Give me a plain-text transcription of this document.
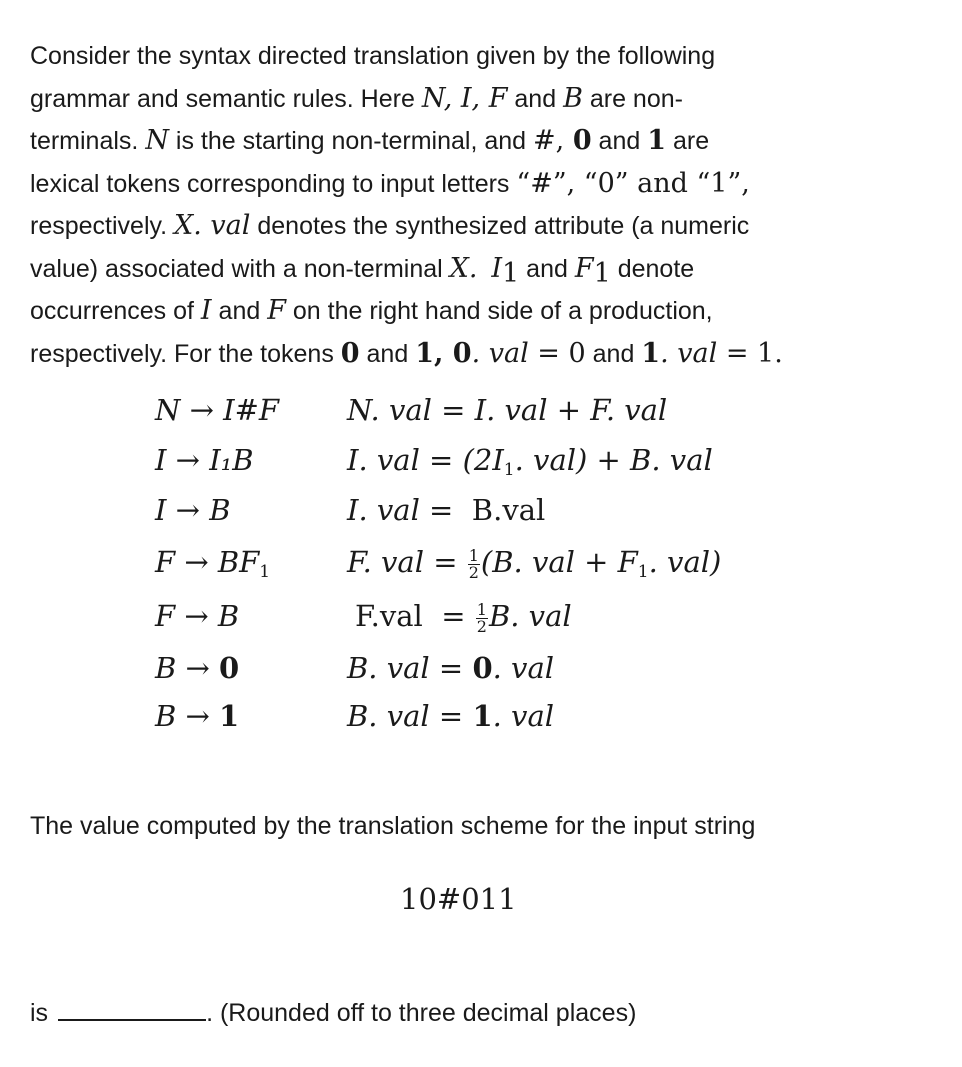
Consider the syntax directed translation given by the following
grammar and semantic rules. Here N, I, F and B are non-
terminals. N is the starting non-terminal, and #, 0 and 1 are
lexical tokens corresponding to input letters “#”, “0” and “1”,
respectively. X. val denotes the synthesized attribute (a numeric
value) associated with a non-terminal X. $I_1$ and $F_1$ denote
occurrences of I and F on the right hand side of a production,
respectively. For the tokens 0 and 1, 0. val = 0 and 1. val = 1.
N → I#F N. val = I. val + F. val
I → I₁B	I. val = ($2I_1$. val) + B. val
I → B	I. val = B.val
$F \to BF_1$	F. val = $\frac{1}{2} (B$. val + $F_1$. val)
F → B	$F.val = \frac{1}{2} B$. val
B → 0	B. val = 0. val
B → 1	B. val = 1. val
The value computed by the translation scheme for the input string
10#011
is	. (Rounded off to three decimal places)
